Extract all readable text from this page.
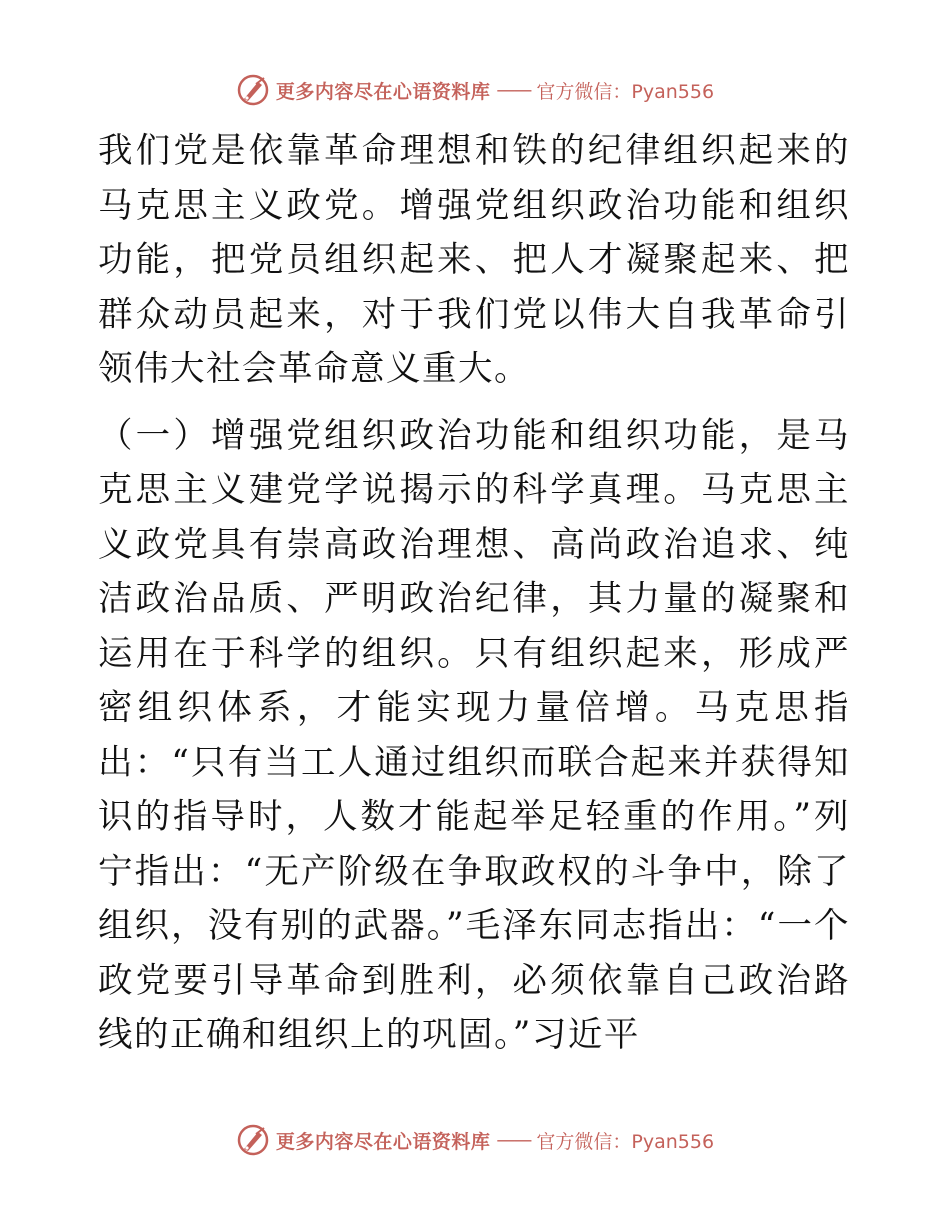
更多内容尽在心语资料库 —— 官方微信：Pyan556

我们党是依靠革命理想和铁的纪律组织起来的马克思主义政党。增强党组织政治功能和组织功能，把党员组织起来、把人才凝聚起来、把群众动员起来，对于我们党以伟大自我革命引领伟大社会革命意义重大。

（一）增强党组织政治功能和组织功能，是马克思主义建党学说揭示的科学真理。马克思主义政党具有崇高政治理想、高尚政治追求、纯洁政治品质、严明政治纪律，其力量的凝聚和运用在于科学的组织。只有组织起来，形成严密组织体系，才能实现力量倍增。马克思指出：“只有当工人通过组织而联合起来并获得知识的指导时，人数才能起举足轻重的作用。”列宁指出：“无产阶级在争取政权的斗争中，除了组织，没有别的武器。”毛泽东同志指出：“一个政党要引导革命到胜利，必须依靠自己政治路线的正确和组织上的巩固。”习近平

更多内容尽在心语资料库 —— 官方微信：Pyan556
